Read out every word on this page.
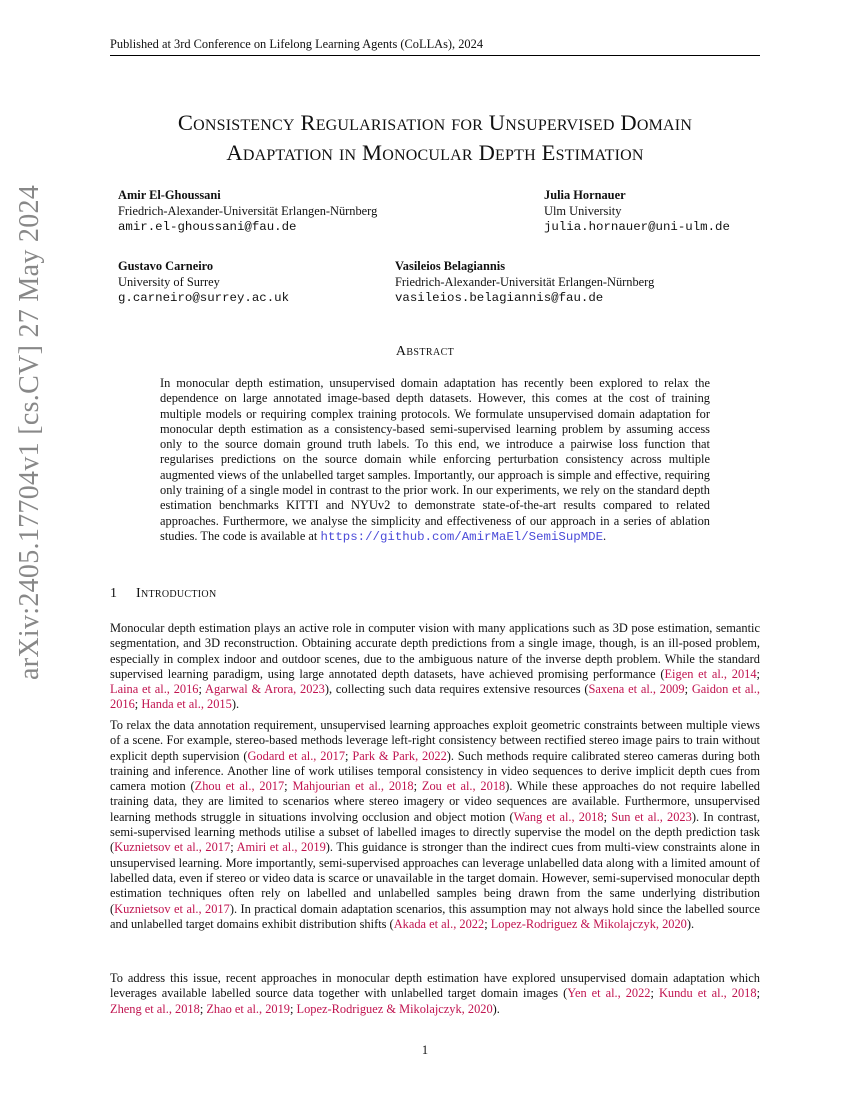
Published at 3rd Conference on Lifelong Learning Agents (CoLLAs), 2024
arXiv:2405.17704v1 [cs.CV] 27 May 2024
Consistency Regularisation for Unsupervised Domain
Adaptation in Monocular Depth Estimation
Amir El-Ghoussani
Friedrich-Alexander-Universität Erlangen-Nürnberg
amir.el-ghoussani@fau.de
Julia Hornauer
Ulm University
julia.hornauer@uni-ulm.de
Gustavo Carneiro
University of Surrey
g.carneiro@surrey.ac.uk
Vasileios Belagiannis
Friedrich-Alexander-Universität Erlangen-Nürnberg
vasileios.belagiannis@fau.de
Abstract
In monocular depth estimation, unsupervised domain adaptation has recently been explored to relax the dependence on large annotated image-based depth datasets. However, this comes at the cost of training multiple models or requiring complex training protocols. We formulate unsupervised domain adaptation for monocular depth estimation as a consistency-based semi-supervised learning problem by assuming access only to the source domain ground truth labels. To this end, we introduce a pairwise loss function that regularises predictions on the source domain while enforcing perturbation consistency across multiple augmented views of the unlabelled target samples. Importantly, our approach is simple and effective, requiring only training of a single model in contrast to the prior work. In our experiments, we rely on the standard depth estimation benchmarks KITTI and NYUv2 to demonstrate state-of-the-art results compared to related approaches. Furthermore, we analyse the simplicity and effectiveness of our approach in a series of ablation studies. The code is available at https://github.com/AmirMaEl/SemiSupMDE.
1 Introduction

Monocular depth estimation plays an active role in computer vision with many applications such as 3D pose estimation, semantic segmentation, and 3D reconstruction. Obtaining accurate depth predictions from a single image, though, is an ill-posed problem, especially in complex indoor and outdoor scenes, due to the ambiguous nature of the inverse depth problem. While the standard supervised learning paradigm, using large annotated depth datasets, have achieved promising performance (Eigen et al., 2014; Laina et al., 2016; Agarwal & Arora, 2023), collecting such data requires extensive resources (Saxena et al., 2009; Gaidon et al., 2016; Handa et al., 2015).

To relax the data annotation requirement, unsupervised learning approaches exploit geometric constraints between multiple views of a scene. For example, stereo-based methods leverage left-right consistency between rectified stereo image pairs to train without explicit depth supervision (Godard et al., 2017; Park & Park, 2022). Such methods require calibrated stereo cameras during both training and inference. Another line of work utilises temporal consistency in video sequences to derive implicit depth cues from camera motion (Zhou et al., 2017; Mahjourian et al., 2018; Zou et al., 2018). While these approaches do not require labelled training data, they are limited to scenarios where stereo imagery or video sequences are available. Furthermore, unsupervised learning methods struggle in situations involving occlusion and object motion (Wang et al., 2018; Sun et al., 2023). In contrast, semi-supervised learning methods utilise a subset of labelled images to directly supervise the model on the depth prediction task (Kuznietsov et al., 2017; Amiri et al., 2019). This guidance is stronger than the indirect cues from multi-view constraints alone in unsupervised learning. More importantly, semi-supervised approaches can leverage unlabelled data along with a limited amount of labelled data, even if stereo or video data is scarce or unavailable in the target domain. However, semi-supervised monocular depth estimation techniques often rely on labelled and unlabelled samples being drawn from the same underlying distribution (Kuznietsov et al., 2017). In practical domain adaptation scenarios, this assumption may not always hold since the labelled source and unlabelled target domains exhibit distribution shifts (Akada et al., 2022; Lopez-Rodriguez & Mikolajczyk, 2020).

To address this issue, recent approaches in monocular depth estimation have explored unsupervised domain adaptation which leverages available labelled source data together with unlabelled target domain images (Yen et al., 2022; Kundu et al., 2018; Zheng et al., 2018; Zhao et al., 2019; Lopez-Rodriguez & Mikolajczyk, 2020).

1
